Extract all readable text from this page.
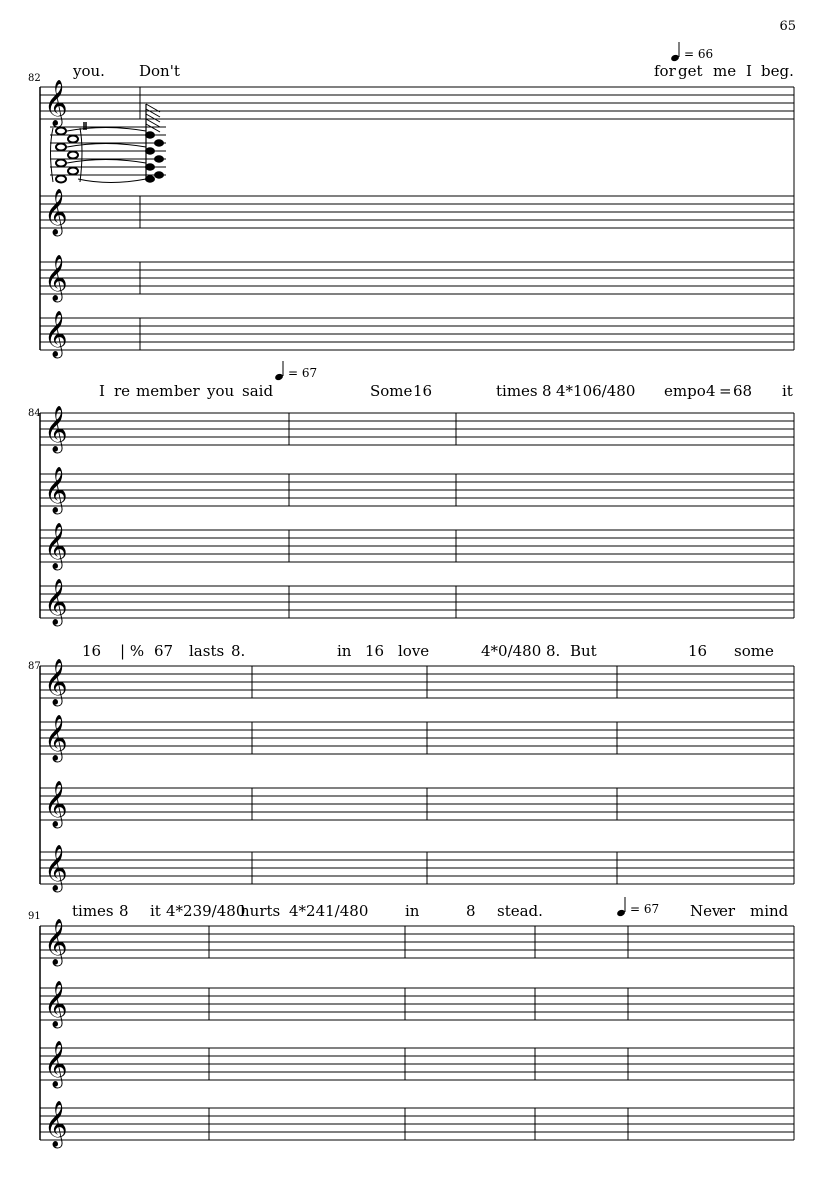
65
82
= 66
you. Don't	for get me I beg.
𝄞
𝄞
𝄞
𝄞
84
= 67
I re mem ber you said	Some 16	times 8 4*106/480 empo 4 = 68 it
𝄞
𝄞
𝄞
𝄞
87
16 | % 67 lasts 8.	in 16 love	4*0/480 8. But	16 some
𝄞
𝄞
𝄞
𝄞
91
= 67
times 8 it 4*239/480
hurts 4*241/480 in	8 stead.	Nev
er mind
𝄞
𝄞
𝄞
𝄞
